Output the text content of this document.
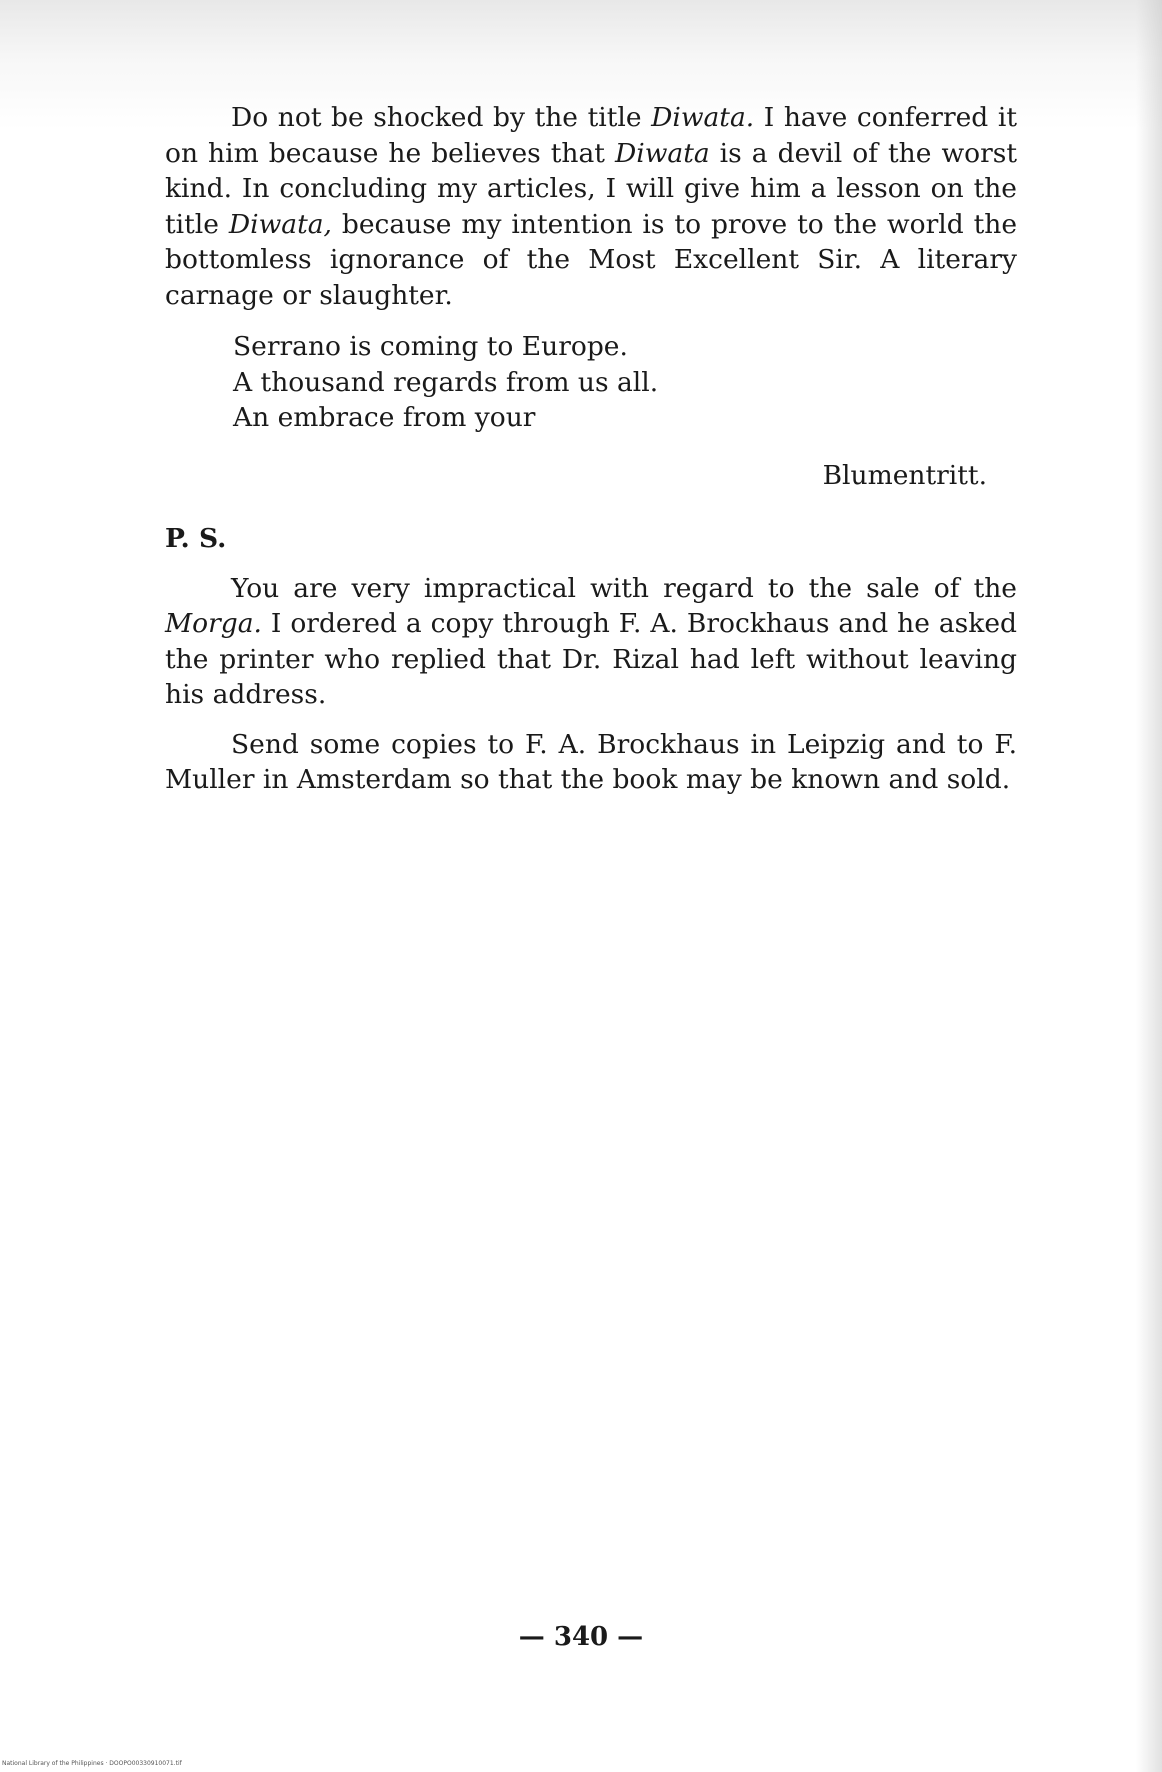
Do not be shocked by the title Diwata. I have conferred it on him because he believes that Diwata is a devil of the worst kind. In concluding my articles, I will give him a lesson on the title Diwata, because my intention is to prove to the world the bottomless ignorance of the Most Excellent Sir. A literary carnage or slaughter.

Serrano is coming to Europe.
A thousand regards from us all.
An embrace from your
Blumentritt.
P. S.

You are very impractical with regard to the sale of the Morga. I ordered a copy through F. A. Brockhaus and he asked the printer who replied that Dr. Rizal had left without leaving his address.

Send some copies to F. A. Brockhaus in Leipzig and to F. Muller in Amsterdam so that the book may be known and sold.

— 340 —
National Library of the Philippines · DOOPO00330910071.tif
